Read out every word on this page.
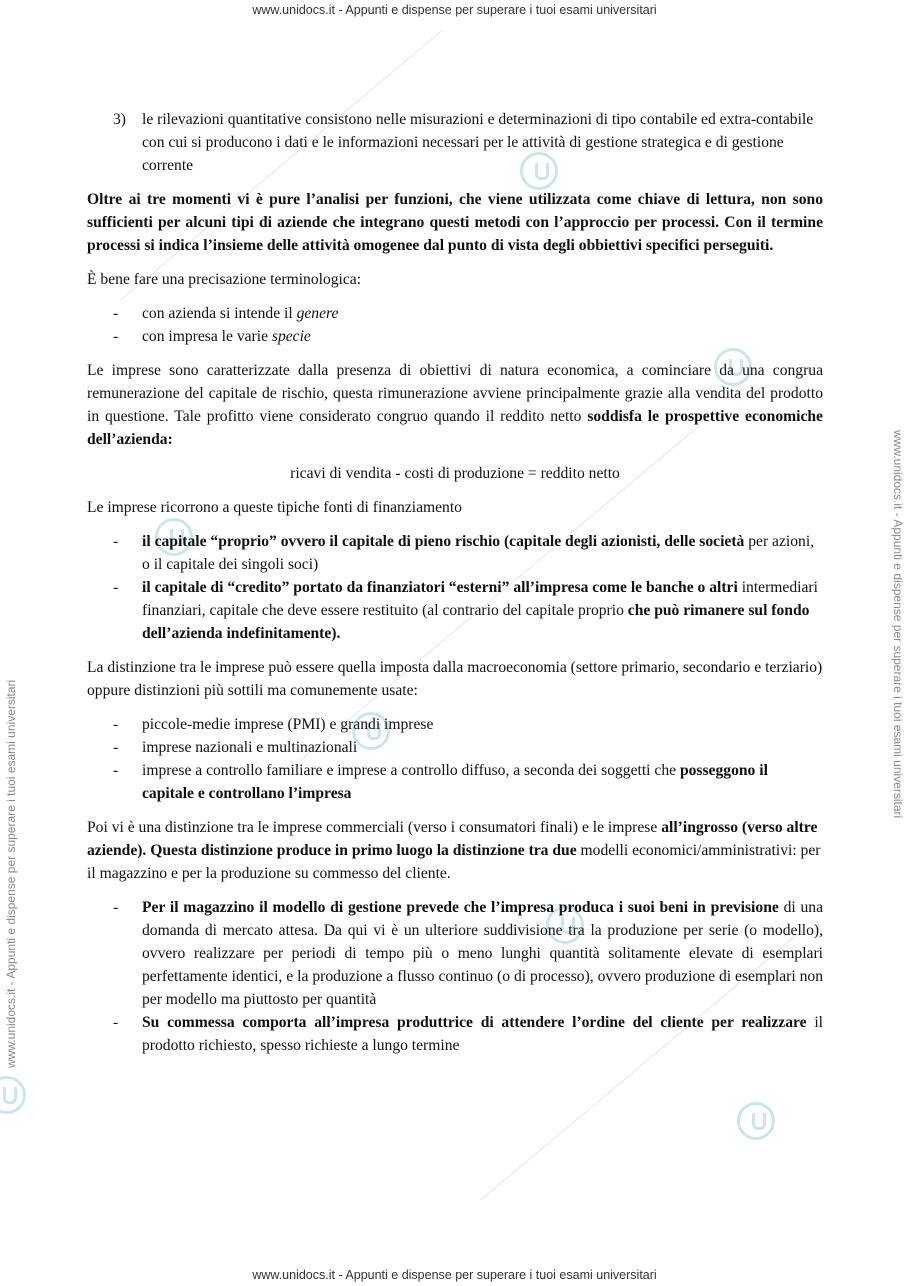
www.unidocs.it - Appunti e dispense per superare i tuoi esami universitari
www.unidocs.it - Appunti e dispense per superare i tuoi esami universitari
www.unidocs.it - Appunti e dispense per superare i tuoi esami universitari
www.unidocs.it - Appunti e dispense per superare i tuoi esami universitari
3)	le rilevazioni quantitative consistono nelle misurazioni e determinazioni di tipo contabile ed extra-contabile con cui si producono i dati e le informazioni necessari per le attività di gestione strategica e di gestione corrente

Oltre ai tre momenti vi è pure l’analisi per funzioni, che viene utilizzata come chiave di lettura, non sono sufficienti per alcuni tipi di aziende che integrano questi metodi con l’approccio per processi. Con il termine processi si indica l’insieme delle attività omogenee dal punto di vista degli obbiettivi specifici perseguiti.

È bene fare una precisazione terminologica:

-	con azienda si intende il genere
-	con impresa le varie specie

Le imprese sono caratterizzate dalla presenza di obiettivi di natura economica, a cominciare da una congrua remunerazione del capitale de rischio, questa rimunerazione avviene principalmente grazie alla vendita del prodotto in questione. Tale profitto viene considerato congruo quando il reddito netto soddisfa le prospettive economiche dell’azienda:

ricavi di vendita - costi di produzione = reddito netto

Le imprese ricorrono a queste tipiche fonti di finanziamento

-	il capitale “proprio” ovvero il capitale di pieno rischio (capitale degli azionisti, delle società per azioni, o il capitale dei singoli soci)
-	il capitale di “credito” portato da finanziatori “esterni” all’impresa come le banche o altri intermediari finanziari, capitale che deve essere restituito (al contrario del capitale proprio che può rimanere sul fondo dell’azienda indefinitamente).

La distinzione tra le imprese può essere quella imposta dalla macroeconomia (settore primario, secondario e terziario) oppure distinzioni più sottili ma comunemente usate:

-	piccole-medie imprese (PMI) e grandi imprese
-	imprese nazionali e multinazionali
-	imprese a controllo familiare e imprese a controllo diffuso, a seconda dei soggetti che posseggono il capitale e controllano l’impresa

Poi vi è una distinzione tra le imprese commerciali (verso i consumatori finali) e le imprese all’ingrosso (verso altre aziende). Questa distinzione produce in primo luogo la distinzione tra due modelli economici/amministrativi: per il magazzino e per la produzione su commesso del cliente.

-	Per il magazzino il modello di gestione prevede che l’impresa produca i suoi beni in previsione di una domanda di mercato attesa. Da qui vi è un ulteriore suddivisione tra la produzione per serie (o modello), ovvero realizzare per periodi di tempo più o meno lunghi quantità solitamente elevate di esemplari perfettamente identici, e la produzione a flusso continuo (o di processo), ovvero produzione di esemplari non per modello ma piuttosto per quantità
-	Su commessa comporta all’impresa produttrice di attendere l’ordine del cliente per realizzare il prodotto richiesto, spesso richieste a lungo termine
